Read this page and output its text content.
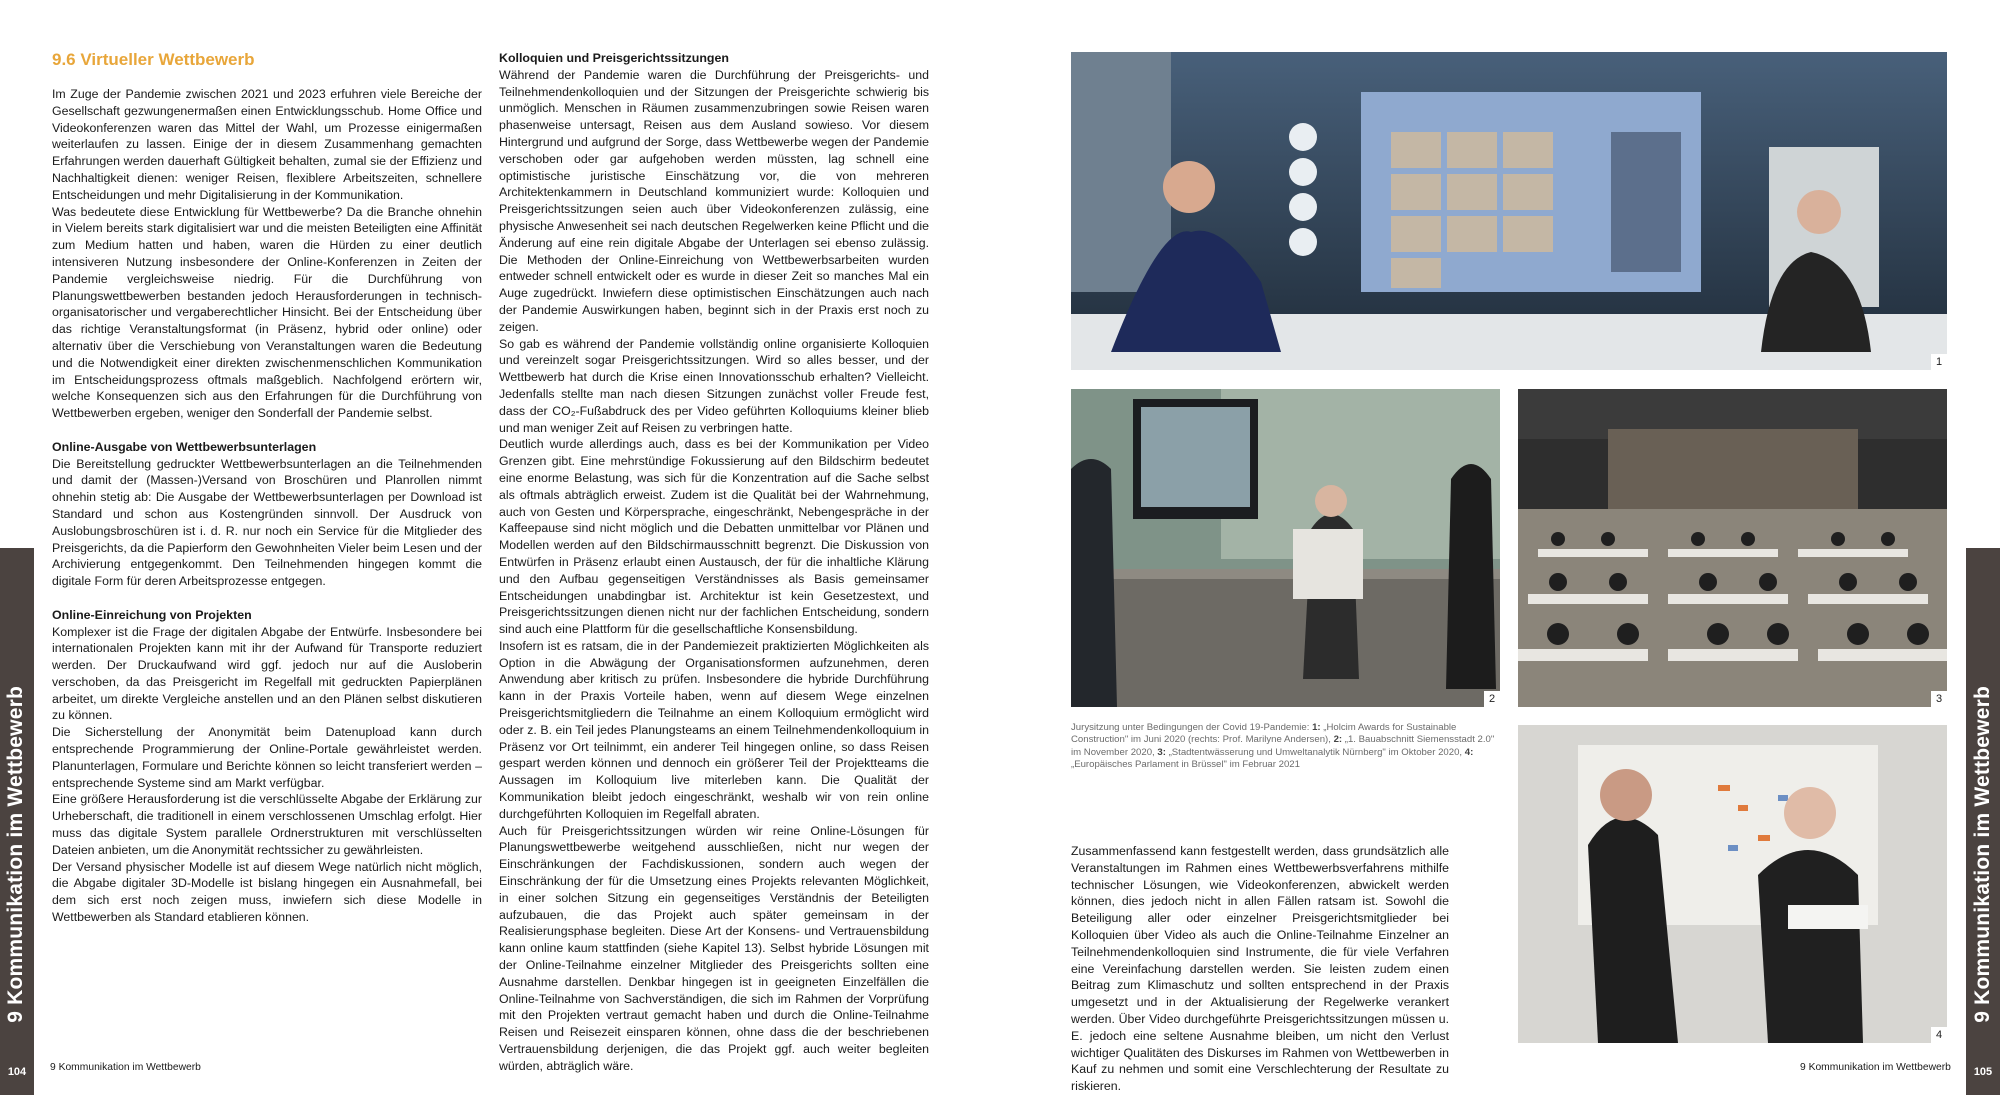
9 Kommunikation im Wettbewerb
104
9.6 Virtueller Wettbewerb

Im Zuge der Pandemie zwischen 2021 und 2023 erfuhren viele Bereiche der Gesellschaft gezwungenermaßen einen Entwicklungsschub. Home Office und Videokonferenzen waren das Mittel der Wahl, um Prozesse einigermaßen weiterlaufen zu lassen. Einige der in diesem Zusammenhang gemachten Erfahrungen werden dauerhaft Gültigkeit behalten, zumal sie der Effizienz und Nachhaltigkeit dienen: weniger Reisen, flexiblere Arbeitszeiten, schnellere Entscheidungen und mehr Digitalisierung in der Kommunikation.

Was bedeutete diese Entwicklung für Wettbewerbe? Da die Branche ohnehin in Vielem bereits stark digitalisiert war und die meisten Beteiligten eine Affinität zum Medium hatten und haben, waren die Hürden zu einer deutlich intensiveren Nutzung insbesondere der Online-Konferenzen in Zeiten der Pandemie vergleichsweise niedrig. Für die Durchführung von Planungswettbewerben bestanden jedoch Herausforderungen in technisch-organisatorischer und vergaberechtlicher Hinsicht. Bei der Entscheidung über das richtige Veranstaltungsformat (in Präsenz, hybrid oder online) oder alternativ über die Verschiebung von Veranstaltungen waren die Bedeutung und die Notwendigkeit einer direkten zwischenmenschlichen Kommunikation im Entscheidungsprozess oftmals maßgeblich. Nachfolgend erörtern wir, welche Konsequenzen sich aus den Erfahrungen für die Durchführung von Wettbewerben ergeben, weniger den Sonderfall der Pandemie selbst.

Online-Ausgabe von Wettbewerbsunterlagen

Die Bereitstellung gedruckter Wettbewerbsunterlagen an die Teilnehmenden und damit der (Massen-)Versand von Broschüren und Planrollen nimmt ohnehin stetig ab: Die Ausgabe der Wettbewerbsunterlagen per Download ist Standard und schon aus Kostengründen sinnvoll. Der Ausdruck von Auslobungsbroschüren ist i. d. R. nur noch ein Service für die Mitglieder des Preisgerichts, da die Papierform den Gewohnheiten Vieler beim Lesen und der Archivierung entgegenkommt. Den Teilnehmenden hingegen kommt die digitale Form für deren Arbeitsprozesse entgegen.

Online-Einreichung von Projekten

Komplexer ist die Frage der digitalen Abgabe der Entwürfe. Insbesondere bei internationalen Projekten kann mit ihr der Aufwand für Transporte reduziert werden. Der Druckaufwand wird ggf. jedoch nur auf die Ausloberin verschoben, da das Preisgericht im Regelfall mit gedruckten Papierplänen arbeitet, um direkte Vergleiche anstellen und an den Plänen selbst diskutieren zu können.

Die Sicherstellung der Anonymität beim Datenupload kann durch entsprechende Programmierung der Online-Portale gewährleistet werden. Planunterlagen, Formulare und Berichte können so leicht transferiert werden – entsprechende Systeme sind am Markt verfügbar.

Eine größere Herausforderung ist die verschlüsselte Abgabe der Erklärung zur Urheberschaft, die traditionell in einem verschlossenen Umschlag erfolgt. Hier muss das digitale System parallele Ordnerstrukturen mit verschlüsselten Dateien anbieten, um die Anonymität rechtssicher zu gewährleisten.

Der Versand physischer Modelle ist auf diesem Wege natürlich nicht möglich, die Abgabe digitaler 3D-Modelle ist bislang hingegen ein Ausnahmefall, bei dem sich erst noch zeigen muss, inwiefern sich diese Modelle in Wettbewerben als Standard etablieren können.

Kolloquien und Preisgerichtssitzungen

Während der Pandemie waren die Durchführung der Preisgerichts- und Teilnehmendenkolloquien und der Sitzungen der Preisgerichte schwierig bis unmöglich. Menschen in Räumen zusammenzubringen sowie Reisen waren phasenweise untersagt, Reisen aus dem Ausland sowieso. Vor diesem Hintergrund und aufgrund der Sorge, dass Wettbewerbe wegen der Pandemie verschoben oder gar aufgehoben werden müssten, lag schnell eine optimistische juristische Einschätzung vor, die von mehreren Architektenkammern in Deutschland kommuniziert wurde: Kolloquien und Preisgerichtssitzungen seien auch über Videokonferenzen zulässig, eine physische Anwesenheit sei nach deutschen Regelwerken keine Pflicht und die Änderung auf eine rein digitale Abgabe der Unterlagen sei ebenso zulässig. Die Methoden der Online-Einreichung von Wettbewerbsarbeiten wurden entweder schnell entwickelt oder es wurde in dieser Zeit so manches Mal ein Auge zugedrückt. Inwiefern diese optimistischen Einschätzungen auch nach der Pandemie Auswirkungen haben, beginnt sich in der Praxis erst noch zu zeigen.

So gab es während der Pandemie vollständig online organisierte Kolloquien und vereinzelt sogar Preisgerichtssitzungen. Wird so alles besser, und der Wettbewerb hat durch die Krise einen Innovationsschub erhalten? Vielleicht. Jedenfalls stellte man nach diesen Sitzungen zunächst voller Freude fest, dass der CO₂-Fußabdruck des per Video geführten Kolloquiums kleiner blieb und man weniger Zeit auf Reisen zu verbringen hatte.

Deutlich wurde allerdings auch, dass es bei der Kommunikation per Video Grenzen gibt. Eine mehrstündige Fokussierung auf den Bildschirm bedeutet eine enorme Belastung, was sich für die Konzentration auf die Sache selbst als oftmals abträglich erweist. Zudem ist die Qualität bei der Wahrnehmung, auch von Gesten und Körpersprache, eingeschränkt, Nebengespräche in der Kaffeepause sind nicht möglich und die Debatten unmittelbar vor Plänen und Modellen werden auf den Bildschirmausschnitt begrenzt. Die Diskussion von Entwürfen in Präsenz erlaubt einen Austausch, der für die inhaltliche Klärung und den Aufbau gegenseitigen Verständnisses als Basis gemeinsamer Entscheidungen unabdingbar ist. Architektur ist kein Gesetzestext, und Preisgerichtssitzungen dienen nicht nur der fachlichen Entscheidung, sondern sind auch eine Plattform für die gesellschaftliche Konsensbildung.

Insofern ist es ratsam, die in der Pandemiezeit praktizierten Möglichkeiten als Option in die Abwägung der Organisationsformen aufzunehmen, deren Anwendung aber kritisch zu prüfen. Insbesondere die hybride Durchführung kann in der Praxis Vorteile haben, wenn auf diesem Wege einzelnen Preisgerichtsmitgliedern die Teilnahme an einem Kolloquium ermöglicht wird oder z. B. ein Teil jedes Planungsteams an einem Teilnehmendenkolloquium in Präsenz vor Ort teilnimmt, ein anderer Teil hingegen online, so dass Reisen gespart werden können und dennoch ein größerer Teil der Projektteams die Aussagen im Kolloquium live miterleben kann. Die Qualität der Kommunikation bleibt jedoch eingeschränkt, weshalb wir von rein online durchgeführten Kolloquien im Regelfall abraten.

Auch für Preisgerichtssitzungen würden wir reine Online-Lösungen für Planungswettbewerbe weitgehend ausschließen, nicht nur wegen der Einschränkungen der Fachdiskussionen, sondern auch wegen der Einschränkung der für die Umsetzung eines Projekts relevanten Möglichkeit, in einer solchen Sitzung ein gegenseitiges Verständnis der Beteiligten aufzubauen, die das Projekt auch später gemeinsam in der Realisierungsphase begleiten. Diese Art der Konsens- und Vertrauensbildung kann online kaum stattfinden (siehe Kapitel 13). Selbst hybride Lösungen mit der Online-Teilnahme einzelner Mitglieder des Preisgerichts sollten eine Ausnahme darstellen. Denkbar hingegen ist in geeigneten Einzelfällen die Online-Teilnahme von Sachverständigen, die sich im Rahmen der Vorprüfung mit den Projekten vertraut gemacht haben und durch die Online-Teilnahme Reisen und Reisezeit einsparen können, ohne dass die der beschriebenen Vertrauensbildung derjenigen, die das Projekt ggf. auch weiter begleiten würden, abträglich wäre.

9 Kommunikation im Wettbewerb
9 Kommunikation im Wettbewerb
105
1
2	3
Jurysitzung unter Bedingungen der Covid 19-Pandemie: 1: „Holcim Awards for Sustainable Construction" im Juni 2020 (rechts: Prof. Marilyne Andersen), 2: „1. Bauabschnitt Siemensstadt 2.0" im November 2020, 3: „Stadtentwässerung und Umweltanalytik Nürnberg" im Oktober 2020, 4: „Europäisches Parlament in Brüssel" im Februar 2021
4

Zusammenfassend kann festgestellt werden, dass grundsätzlich alle Veranstaltungen im Rahmen eines Wettbewerbsverfahrens mithilfe technischer Lösungen, wie Videokonferenzen, abwickelt werden können, dies jedoch nicht in allen Fällen ratsam ist. Sowohl die Beteiligung aller oder einzelner Preisgerichtsmitglieder bei Kolloquien über Video als auch die Online-Teilnahme Einzelner an Teilnehmendenkolloquien sind Instrumente, die für viele Verfahren eine Vereinfachung darstellen werden. Sie leisten zudem einen Beitrag zum Klimaschutz und sollten entsprechend in der Praxis umgesetzt und in der Aktualisierung der Regelwerke verankert werden. Über Video durchgeführte Preisgerichtssitzungen müssen u. E. jedoch eine seltene Ausnahme bleiben, um nicht den Verlust wichtiger Qualitäten des Diskurses im Rahmen von Wettbewerben in Kauf zu nehmen und somit eine Verschlechterung der Resultate zu riskieren.

9 Kommunikation im Wettbewerb
